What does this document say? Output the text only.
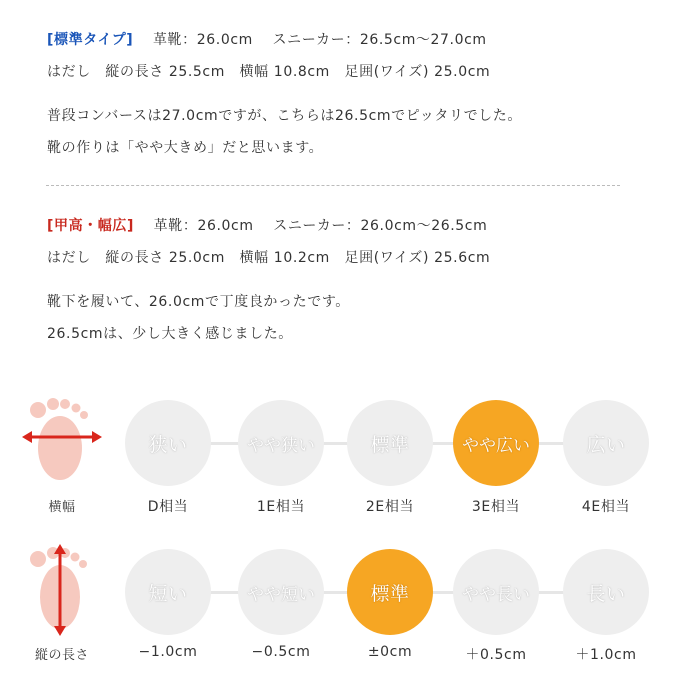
[標準タイプ]　 革靴：26.0cm　 スニーカー：26.5cm〜27.0cm
はだし　縦の長さ 25.5cm　横幅 10.8cm　足囲(ワイズ) 25.0cm
普段コンバースは27.0cmですが、こちらは26.5cmでピッタリでした。
靴の作りは「やや大きめ」だと思います。
[甲高・幅広]　 革靴：26.0cm　 スニーカー：26.0cm〜26.5cm
はだし　縦の長さ 25.0cm　横幅 10.2cm　足囲(ワイズ) 25.6cm
靴下を履いて、26.0cmで丁度良かったです。
26.5cmは、少し大きく感じました。
横幅
狭い	やや狭い	標準	やや広い	広い
D相当	1E相当	2E相当	3E相当	4E相当
縦の長さ
短い	やや短い	標準	やや長い	長い
−1.0cm	−0.5cm	±0cm	＋0.5cm	＋1.0cm
